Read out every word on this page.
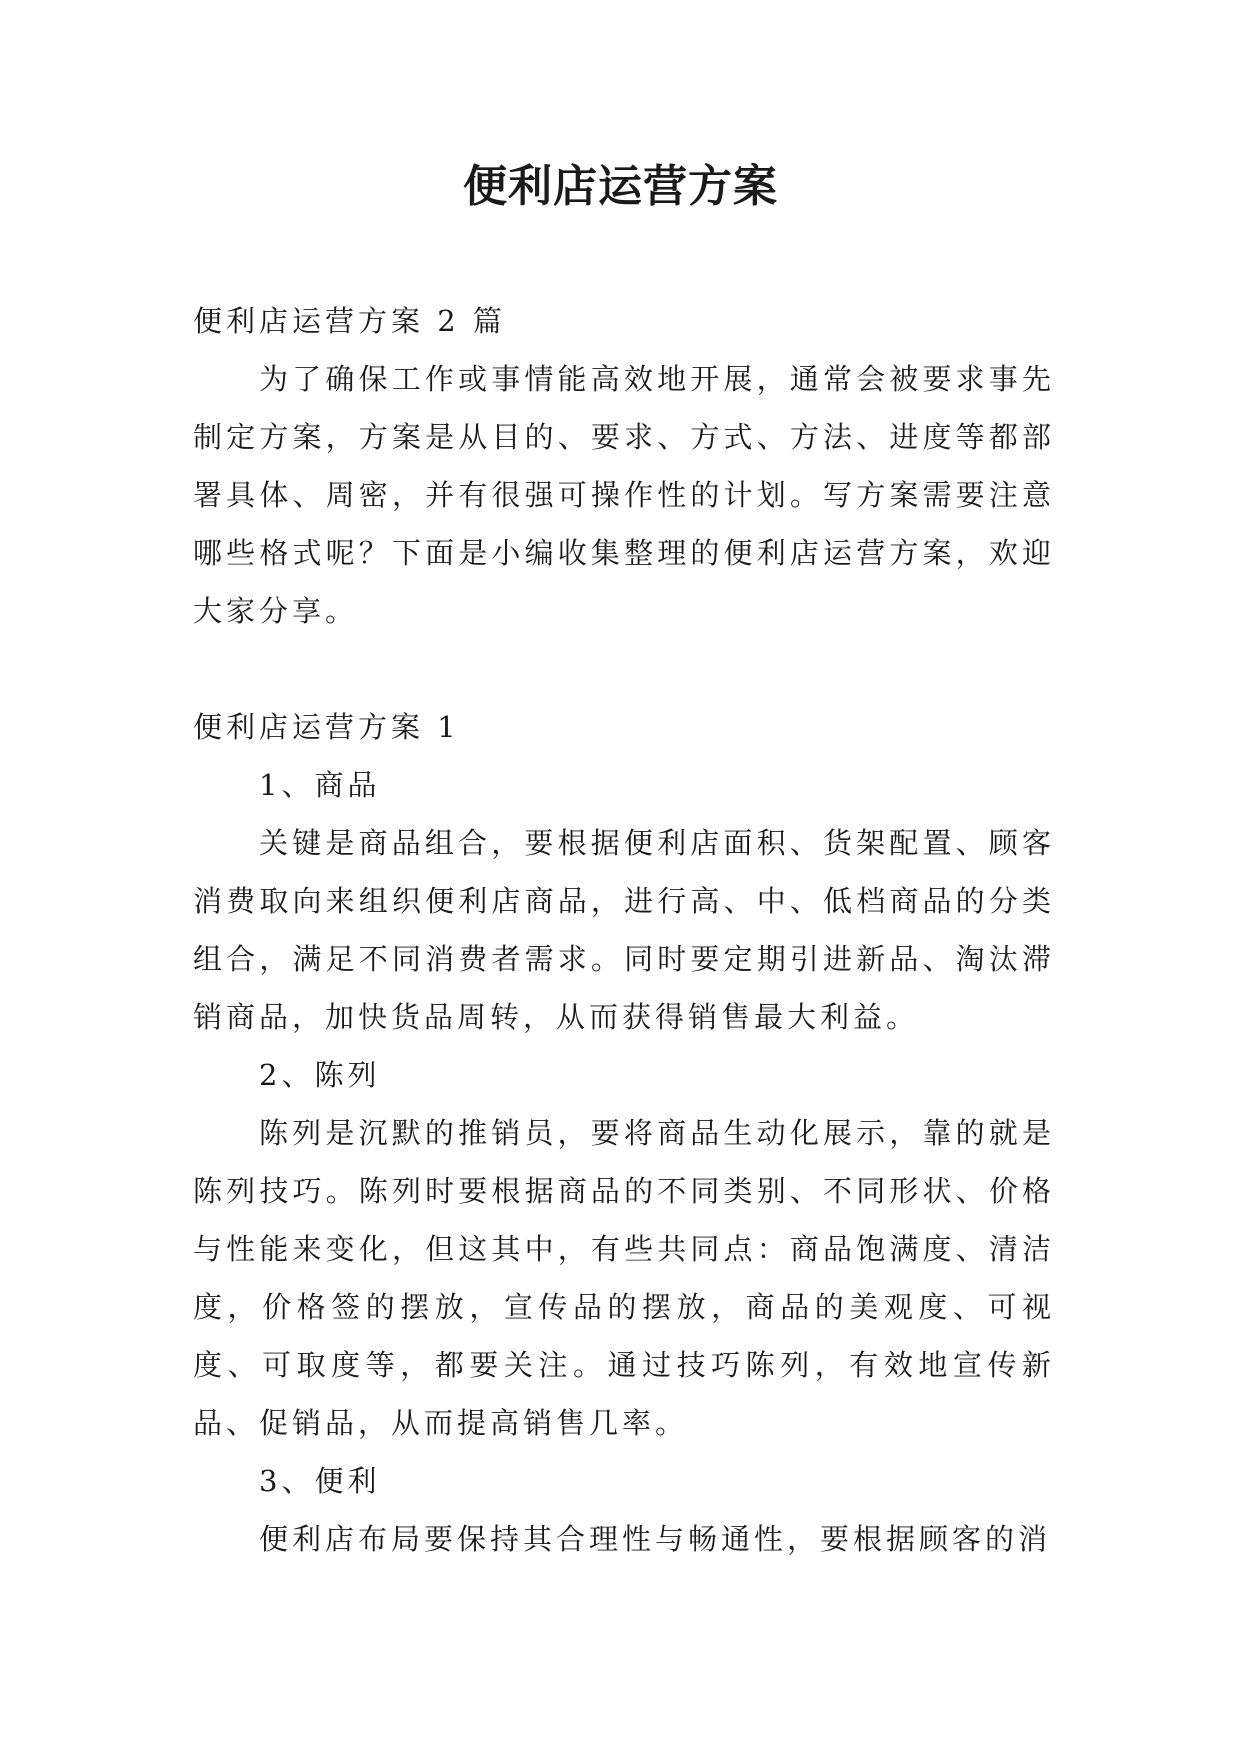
便利店运营方案

便利店运营方案 2 篇

为了确保工作或事情能高效地开展，通常会被要求事先制定方案，方案是从目的、要求、方式、方法、进度等都部署具体、周密，并有很强可操作性的计划。写方案需要注意哪些格式呢？下面是小编收集整理的便利店运营方案，欢迎大家分享。

便利店运营方案 1

1、商品

关键是商品组合，要根据便利店面积、货架配置、顾客消费取向来组织便利店商品，进行高、中、低档商品的分类组合，满足不同消费者需求。同时要定期引进新品、淘汰滞销商品，加快货品周转，从而获得销售最大利益。

2、陈列

陈列是沉默的推销员，要将商品生动化展示，靠的就是陈列技巧。陈列时要根据商品的不同类别、不同形状、价格与性能来变化，但这其中，有些共同点：商品饱满度、清洁度，价格签的摆放，宣传品的摆放，商品的美观度、可视度、可取度等，都要关注。通过技巧陈列，有效地宣传新品、促销品，从而提高销售几率。

3、便利

便利店布局要保持其合理性与畅通性，要根据顾客的消
